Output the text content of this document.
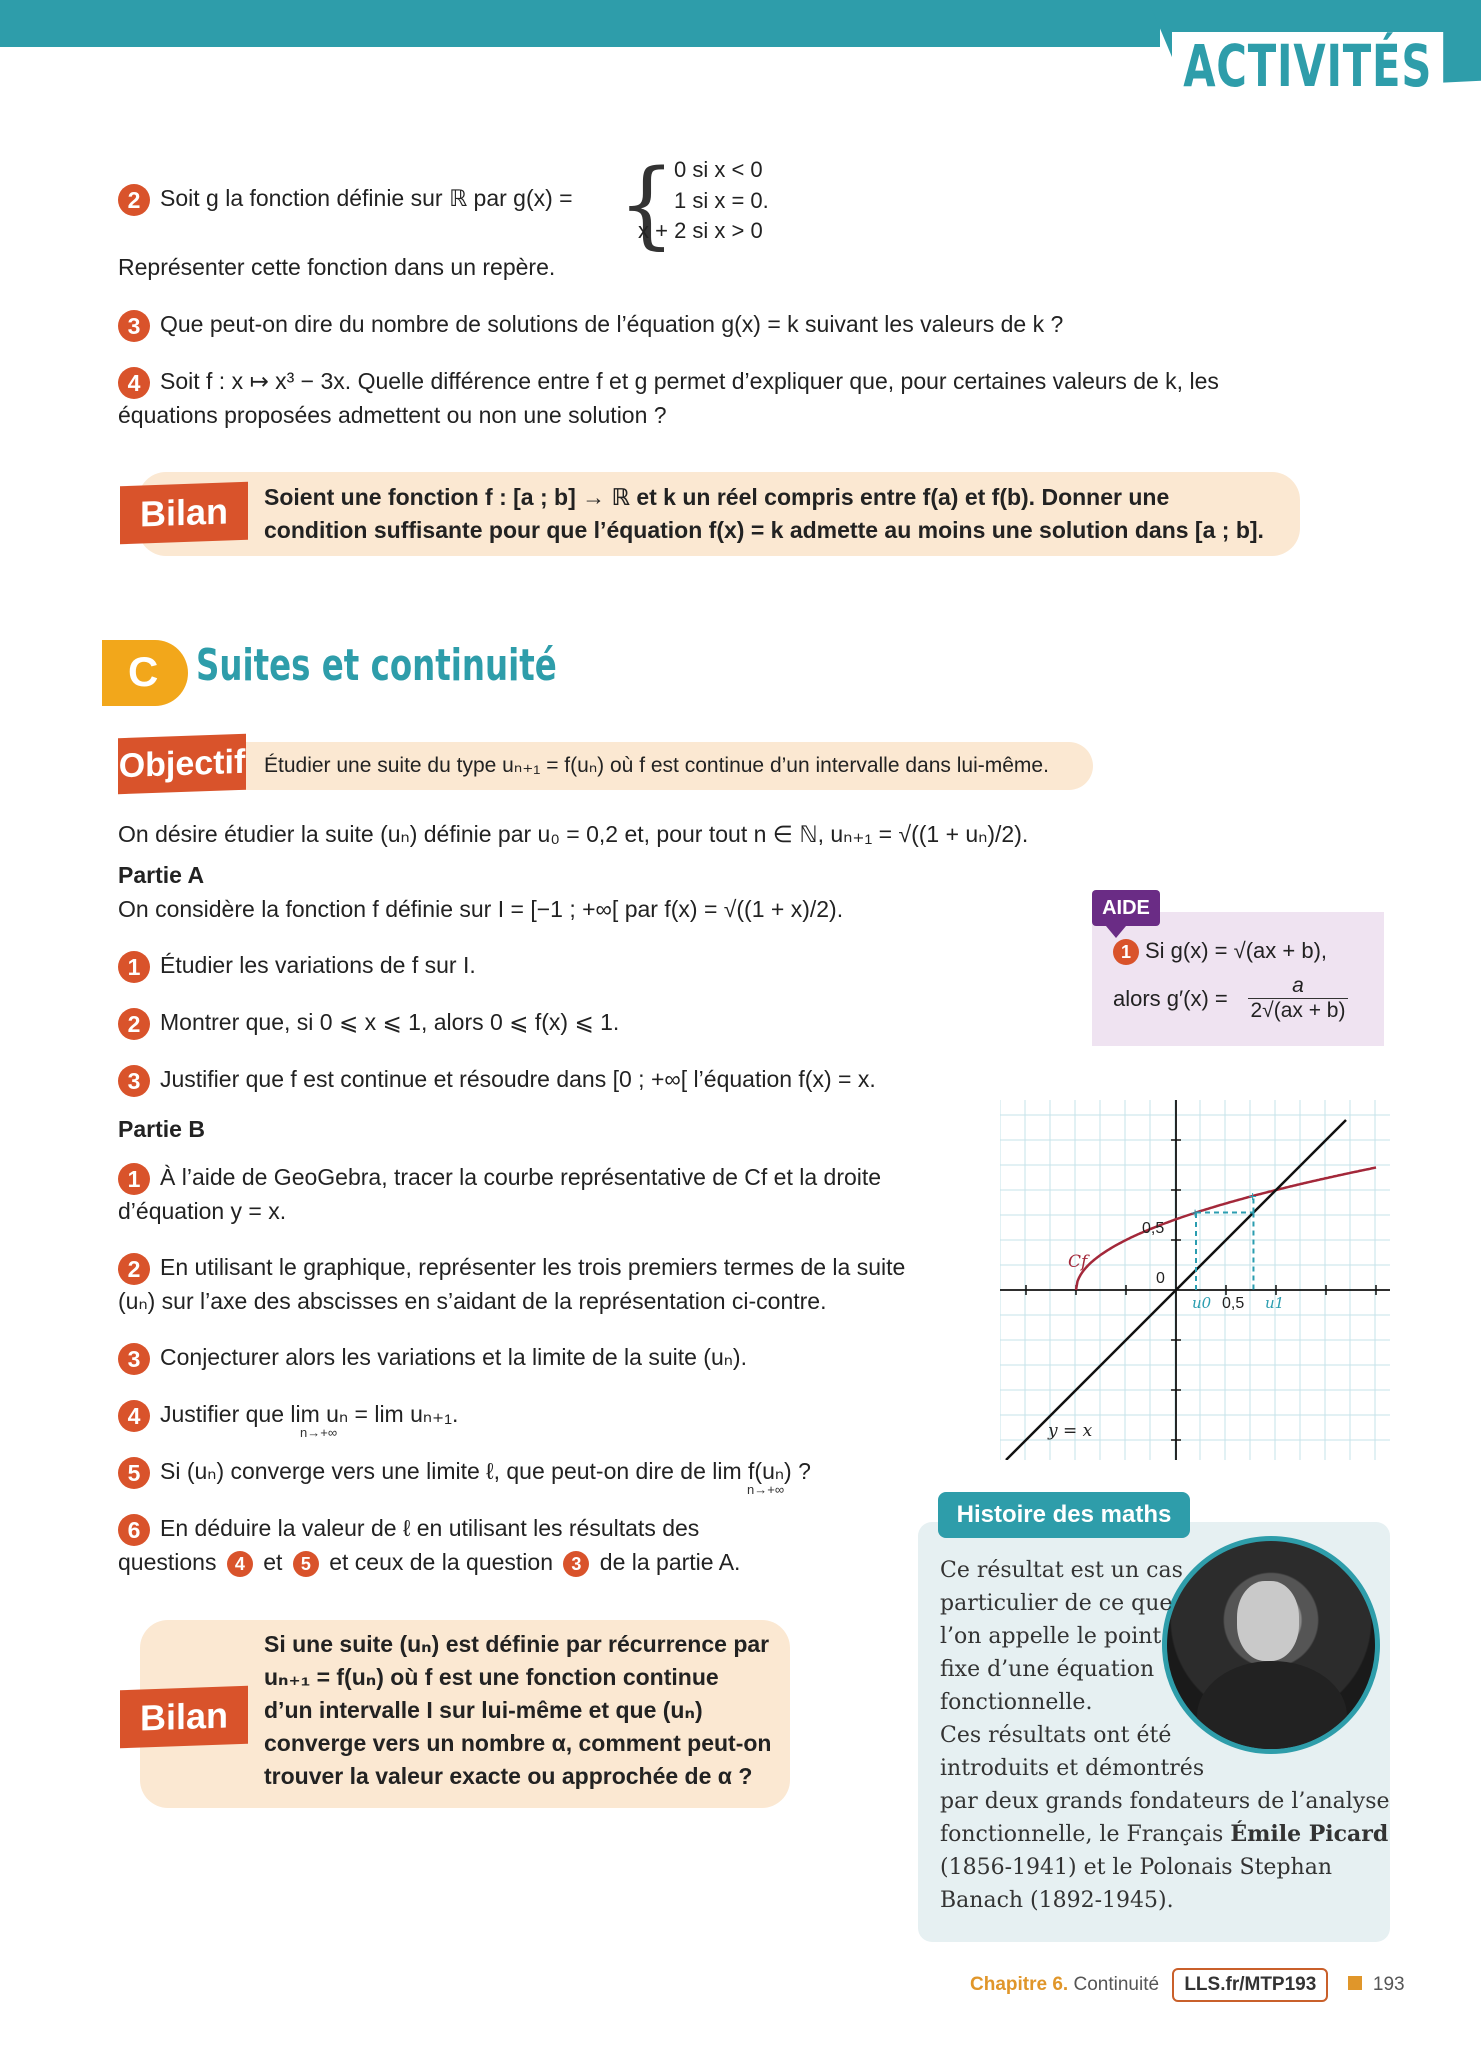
ACTIVITÉS
2 Soit g la fonction définie sur ℝ par g(x) = {
0 si x < 0
1 si x = 0.
x + 2 si x > 0
Représenter cette fonction dans un repère.
3 Que peut-on dire du nombre de solutions de l’équation g(x) = k suivant les valeurs de k ?
4 Soit f : x ↦ x³ − 3x. Quelle différence entre f et g permet d’expliquer que, pour certaines valeurs de k, les
équations proposées admettent ou non une solution ?
Bilan	Soient une fonction f : [a ; b] → ℝ et k un réel compris entre f(a) et f(b). Donner une
condition suffisante pour que l’équation f(x) = k admette au moins une solution dans [a ; b].
C Suites et continuité
Objectif Étudier une suite du type uₙ₊₁ = f(uₙ) où f est continue d’un intervalle dans lui-même.
On désire étudier la suite (uₙ) définie par u₀ = 0,2 et, pour tout n ∈ ℕ, uₙ₊₁ = √((1 + uₙ)/2).
Partie A
On considère la fonction f définie sur I = [−1 ; +∞[ par f(x) = √((1 + x)/2).
1 Étudier les variations de f sur I.
2 Montrer que, si 0 ⩽ x ⩽ 1, alors 0 ⩽ f(x) ⩽ 1.
3 Justifier que f est continue et résoudre dans [0 ; +∞[ l’équation f(x) = x.
Partie B
1 À l’aide de GeoGebra, tracer la courbe représentative de Cf et la droite
d’équation y = x.
2 En utilisant le graphique, représenter les trois premiers termes de la suite
(uₙ) sur l’axe des abscisses en s’aidant de la représentation ci-contre.
3 Conjecturer alors les variations et la limite de la suite (uₙ).
4 Justifier que lim uₙ = lim uₙ₊₁.
n→+∞
5 Si (uₙ) converge vers une limite ℓ, que peut-on dire de lim f(uₙ) ?
n→+∞
6 En déduire la valeur de ℓ en utilisant les résultats des
questions 4 et 5 et ceux de la question 3 de la partie A.
AIDE
1 Si g(x) = √(ax + b),
alors $g'(x) = \frac{a}{2√(ax + b)}$
+
+
Cf
y = x
0,5
0
0,5
u0	u1
Histoire des maths
Ce résultat est un cas
particulier de ce que
l’on appelle le point
fixe d’une équation
fonctionnelle.
Ces résultats ont été
introduits et démontrés
par deux grands fondateurs de l’analyse
fonctionnelle, le Français Émile Picard
(1856-1941) et le Polonais Stephan
Banach (1892-1945).
Bilan
Si une suite (uₙ) est définie par récurrence par
uₙ₊₁ = f(uₙ) où f est une fonction continue
d’un intervalle I sur lui-même et que (uₙ)
converge vers un nombre α, comment peut-on
trouver la valeur exacte ou approchée de α ?
Chapitre 6. Continuité LLS.fr/MTP193	193
